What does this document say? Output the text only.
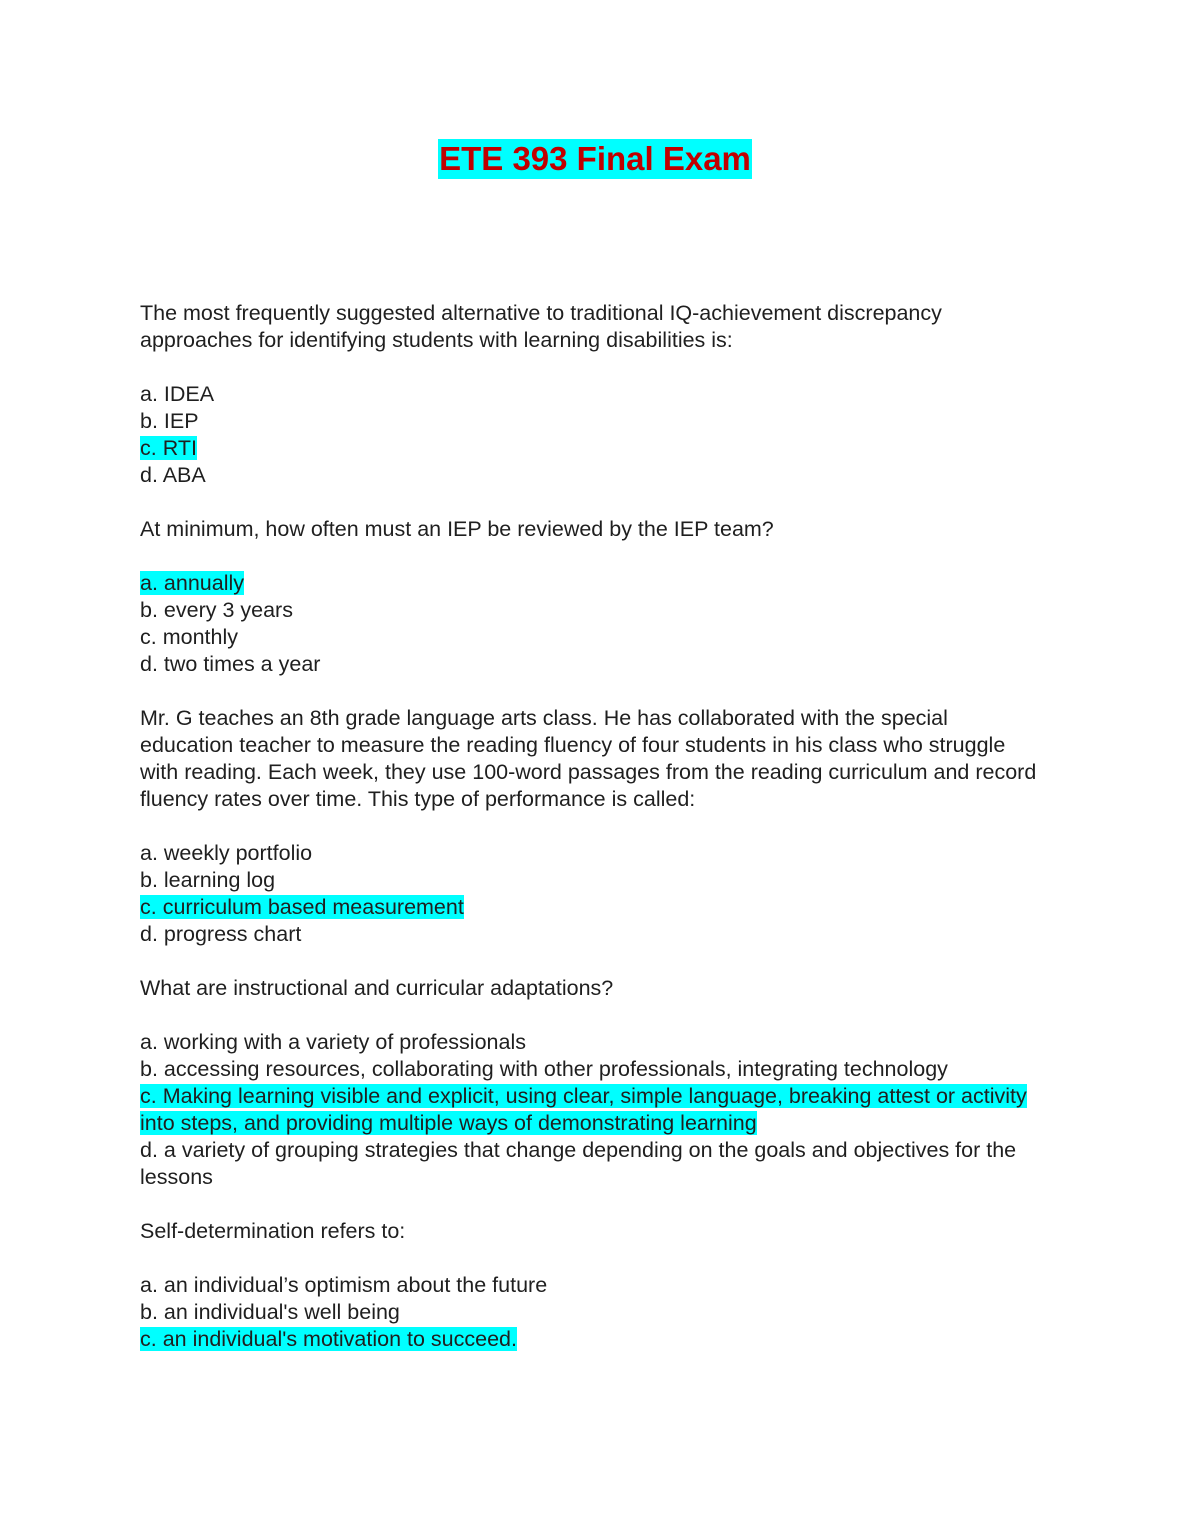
ETE 393 Final Exam

The most frequently suggested alternative to traditional IQ-achievement discrepancy approaches for identifying students with learning disabilities is:

a. IDEA
b. IEP
c. RTI
d. ABA

At minimum, how often must an IEP be reviewed by the IEP team?

a. annually
b. every 3 years
c. monthly
d. two times a year

Mr. G teaches an 8th grade language arts class. He has collaborated with the special education teacher to measure the reading fluency of four students in his class who struggle with reading. Each week, they use 100-word passages from the reading curriculum and record fluency rates over time. This type of performance is called:

a. weekly portfolio
b. learning log
c. curriculum based measurement
d. progress chart

What are instructional and curricular adaptations?

a. working with a variety of professionals
b. accessing resources, collaborating with other professionals, integrating technology
c. Making learning visible and explicit, using clear, simple language, breaking attest or activity into steps, and providing multiple ways of demonstrating learning
d. a variety of grouping strategies that change depending on the goals and objectives for the lessons

Self-determination refers to:

a. an individual’s optimism about the future
b. an individual's well being
c. an individual's motivation to succeed.
